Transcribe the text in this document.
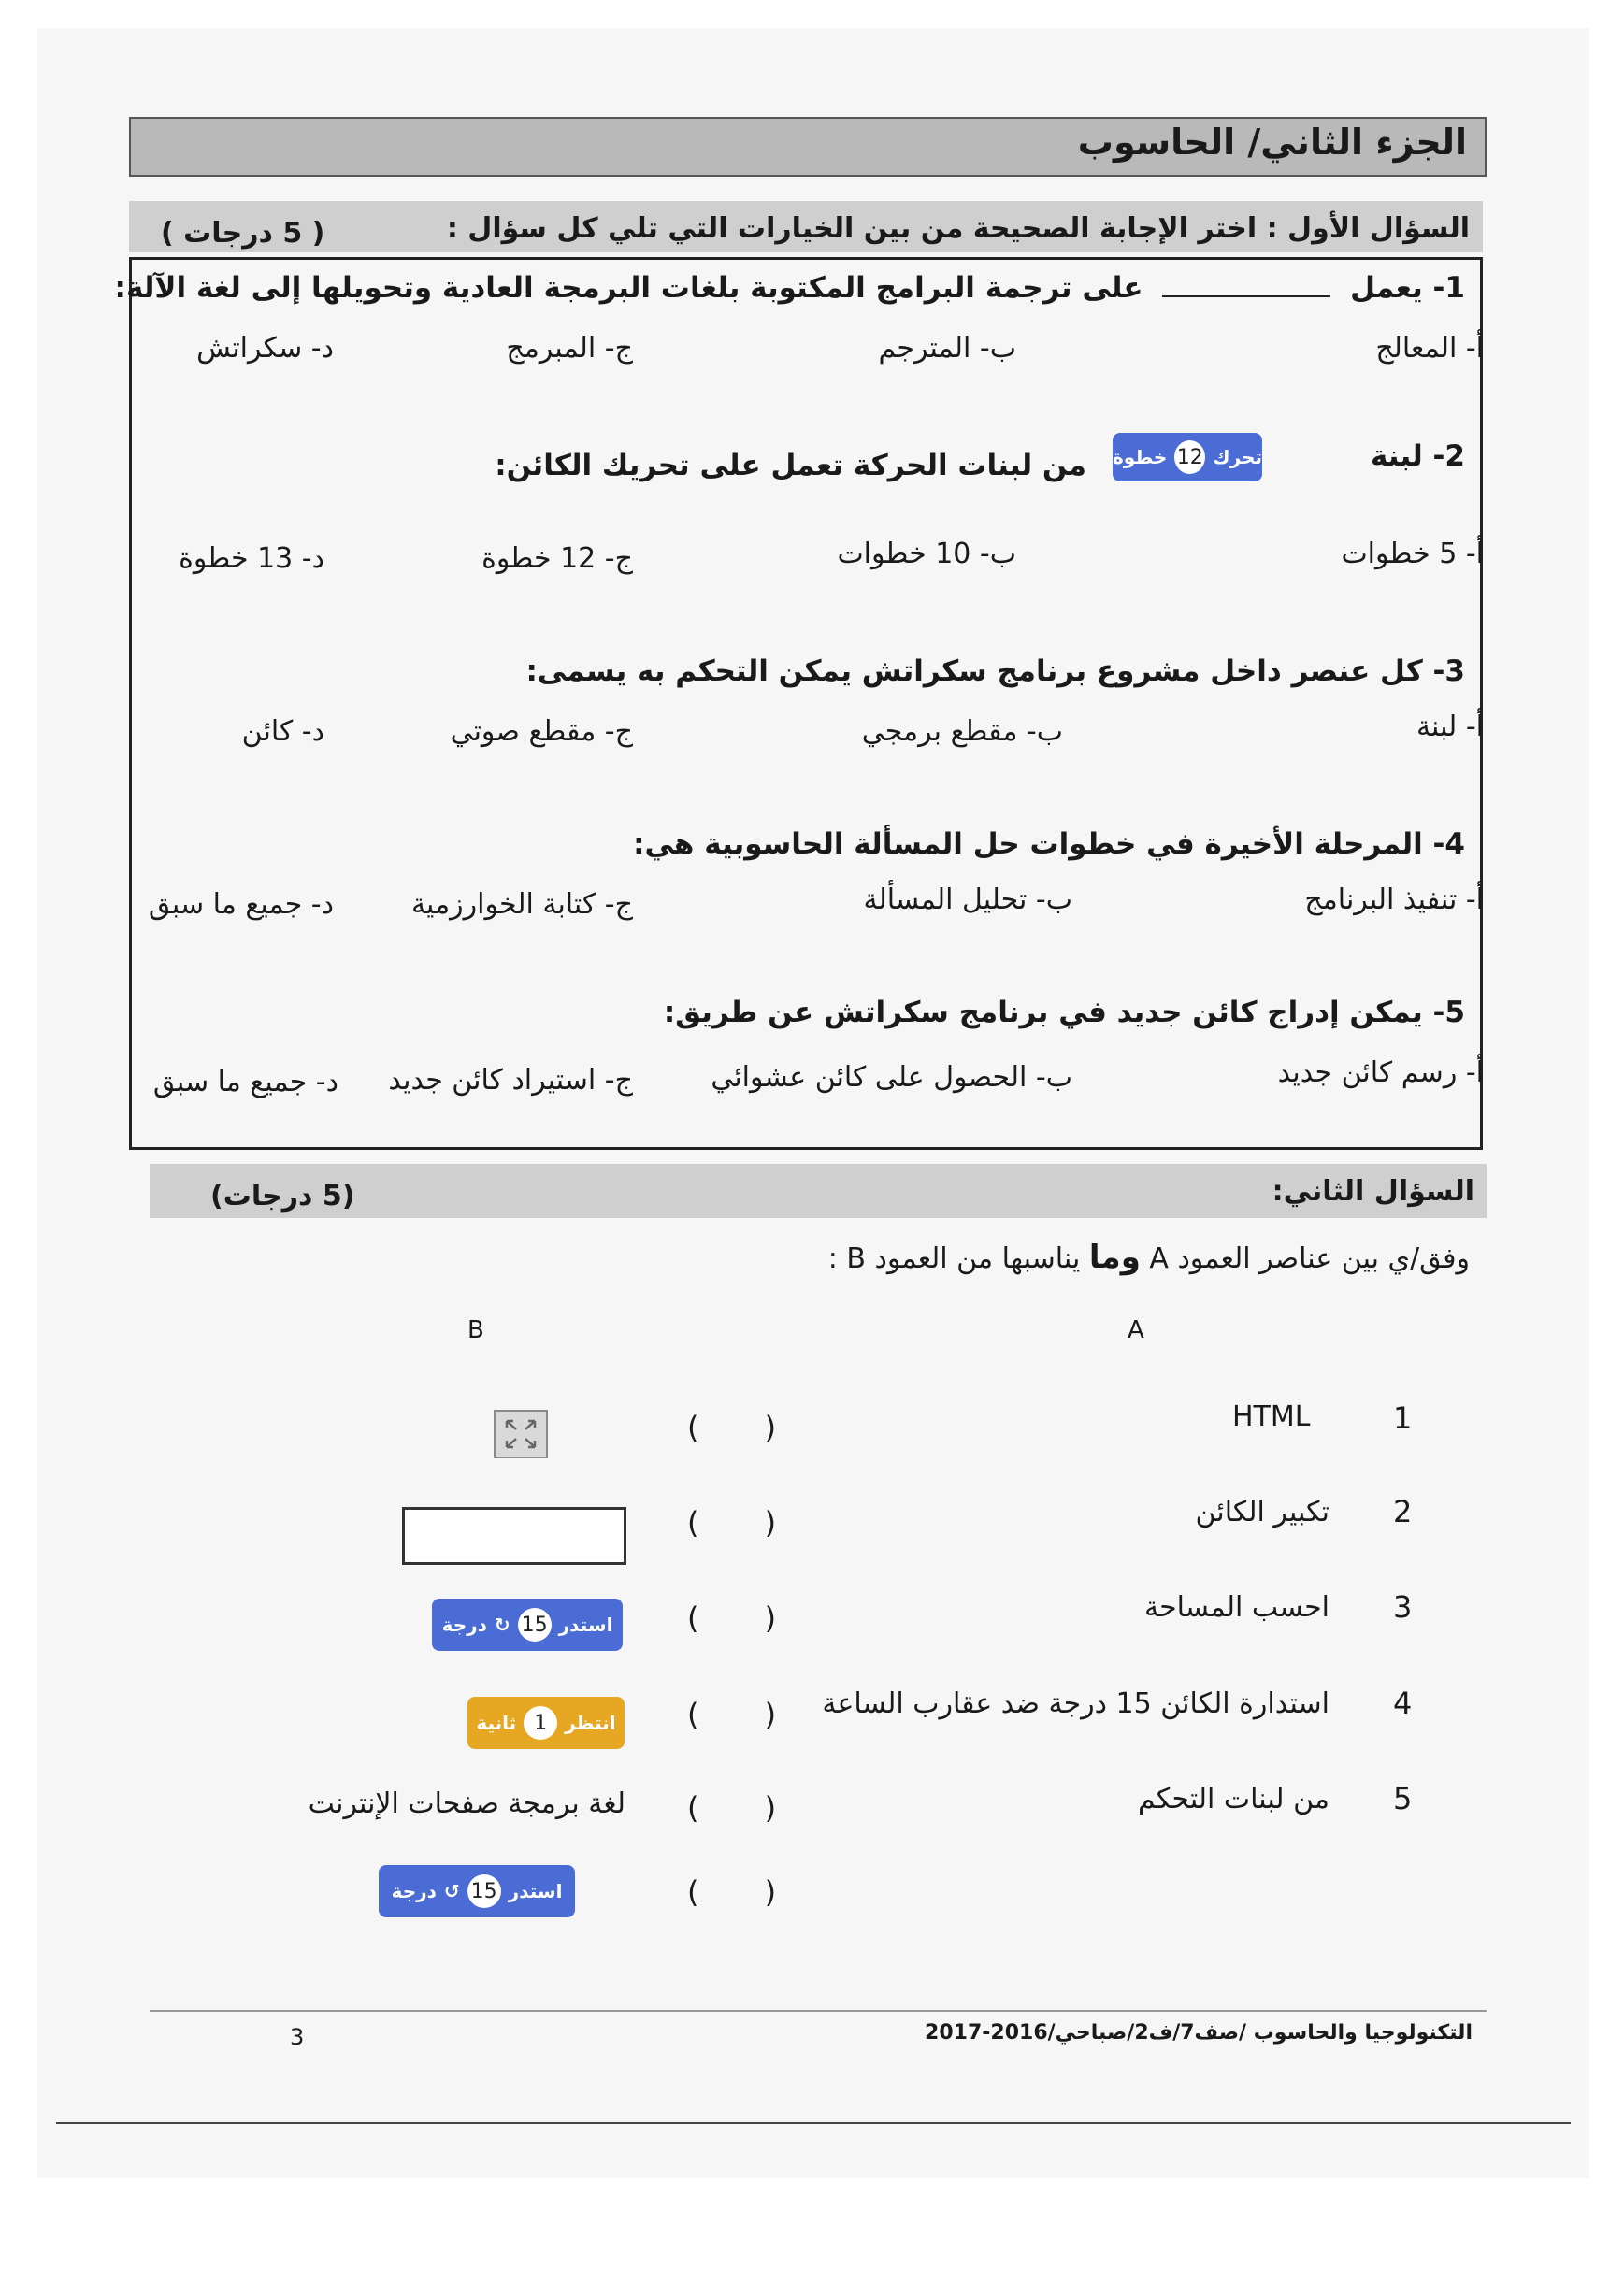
الجزء الثاني/ الحاسوب
السؤال الأول : اختر الإجابة الصحيحة من بين الخيارات التي تلي كل سؤال :
( 5 درجات )
1- يعمل  على ترجمة البرامج المكتوبة بلغات البرمجة العادية وتحويلها إلى لغة الآلة:
أ- المعالج
ب- المترجم
ج- المبرمج
د- سكراتش
2- لبنة
تحرك
12
خطوة
من لبنات الحركة تعمل على تحريك الكائن:
أ- 5 خطوات
ب- 10 خطوات
ج- 12 خطوة
د- 13 خطوة
3- كل عنصر داخل مشروع برنامج سكراتش يمكن التحكم به يسمى:
أ- لبنة
ب- مقطع برمجي
ج- مقطع صوتي
د- كائن
4- المرحلة الأخيرة في خطوات حل المسألة الحاسوبية هي:
أ- تنفيذ البرنامج
ب- تحليل المسألة
ج- كتابة الخوارزمية
د- جميع ما سبق
5- يمكن إدراج كائن جديد في برنامج سكراتش عن طريق:
أ- رسم كائن جديد
ب- الحصول على كائن عشوائي
ج- استيراد كائن جديد
د- جميع ما سبق
السؤال الثاني:
(5 درجات)
وفق/ي بين عناصر العمود A وما يناسبها من العمود B :
A
B
1
HTML
2
تكبير الكائن
3
احسب المساحة
4
استدارة الكائن 15 درجة ضد عقارب الساعة
5
من لبنات التحكم
( )
( )
( )
( )
( )
( )
استدر
15
↻
درجة
انتظر
1
ثانية
لغة برمجة صفحات الإنترنت
استدر
15
↺
درجة
التكنولوجيا والحاسوب /صف7/ف2/صباحي/2016-2017
3
